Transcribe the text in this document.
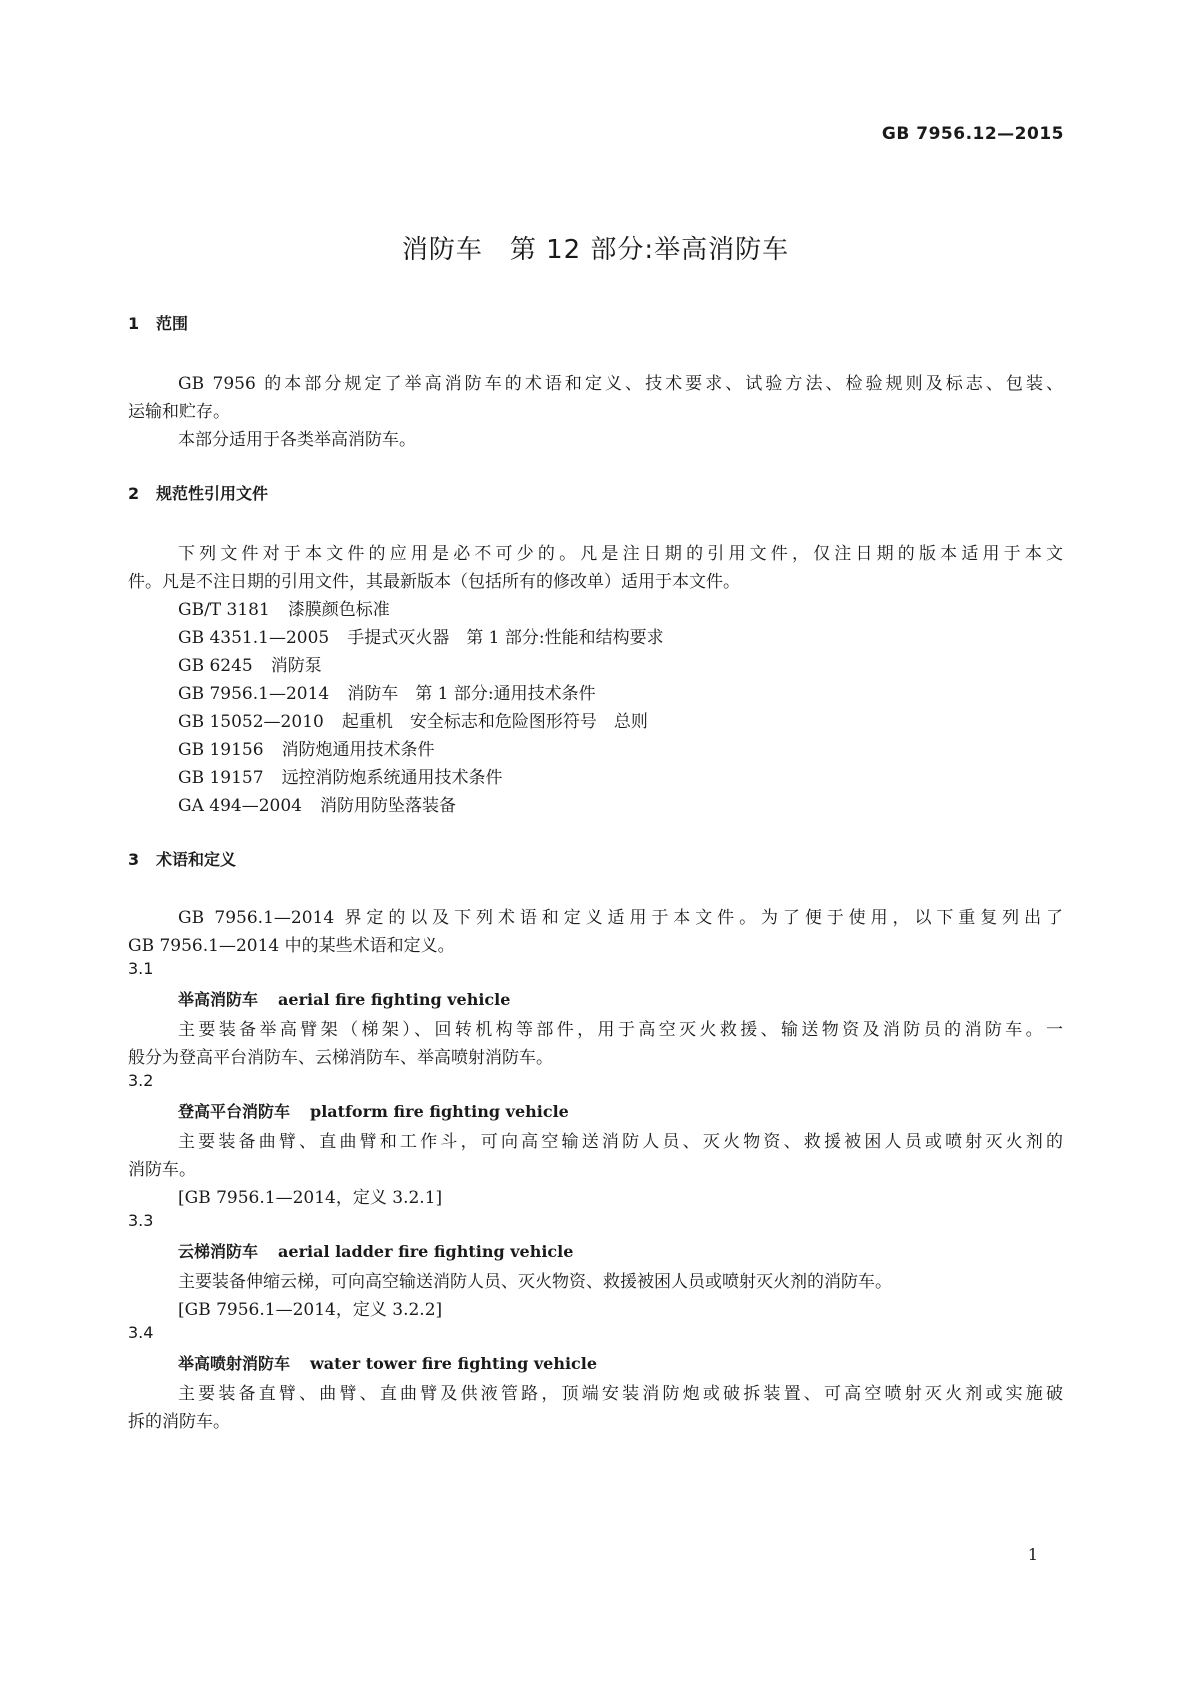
GB 7956.12—2015
消防车　第 12 部分:举高消防车
1 范围
GB 7956 的本部分规定了举高消防车的术语和定义、技术要求、试验方法、检验规则及标志、包装、
运输和贮存。
本部分适用于各类举高消防车。
2 规范性引用文件
下列文件对于本文件的应用是必不可少的。凡是注日期的引用文件，仅注日期的版本适用于本文
件。凡是不注日期的引用文件，其最新版本（包括所有的修改单）适用于本文件。
GB/T 3181 漆膜颜色标准
GB 4351.1—2005 手提式灭火器　第 1 部分:性能和结构要求
GB 6245 消防泵
GB 7956.1—2014 消防车　第 1 部分:通用技术条件
GB 15052—2010 起重机　安全标志和危险图形符号　总则
GB 19156 消防炮通用技术条件
GB 19157 远控消防炮系统通用技术条件
GA 494—2004 消防用防坠落装备
3 术语和定义
GB 7956.1—2014 界定的以及下列术语和定义适用于本文件。为了便于使用，以下重复列出了
GB 7956.1—2014 中的某些术语和定义。
3.1
举高消防车 aerial fire fighting vehicle
主要装备举高臂架（梯架）、回转机构等部件，用于高空灭火救援、输送物资及消防员的消防车。一
般分为登高平台消防车、云梯消防车、举高喷射消防车。
3.2
登高平台消防车 platform fire fighting vehicle
主要装备曲臂、直曲臂和工作斗，可向高空输送消防人员、灭火物资、救援被困人员或喷射灭火剂的
消防车。
[GB 7956.1—2014，定义 3.2.1]
3.3
云梯消防车 aerial ladder fire fighting vehicle
主要装备伸缩云梯，可向高空输送消防人员、灭火物资、救援被困人员或喷射灭火剂的消防车。
[GB 7956.1—2014，定义 3.2.2]
3.4
举高喷射消防车 water tower fire fighting vehicle
主要装备直臂、曲臂、直曲臂及供液管路，顶端安装消防炮或破拆装置、可高空喷射灭火剂或实施破
拆的消防车。
1
